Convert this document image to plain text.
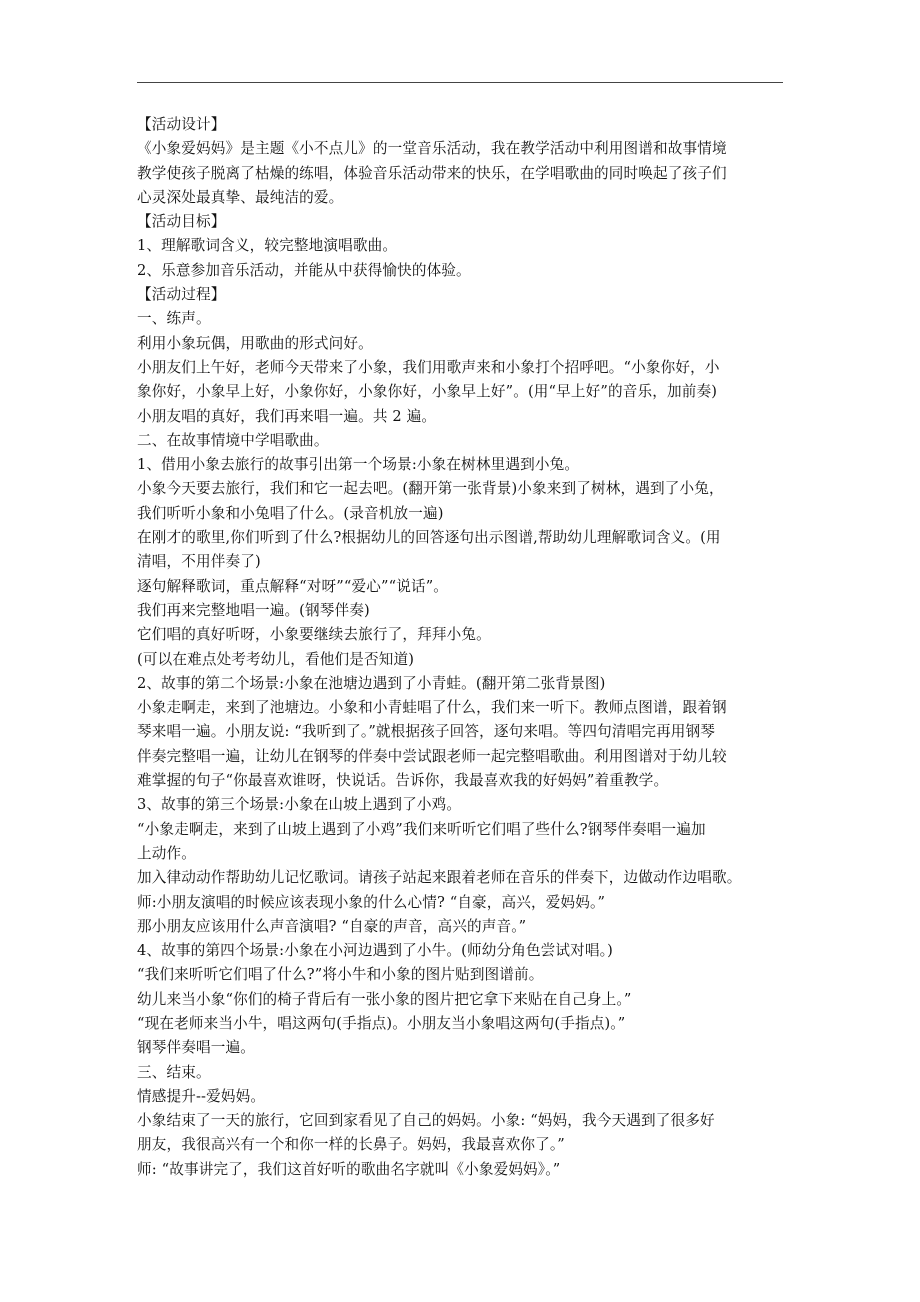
【活动设计】
《小象爱妈妈》是主题《小不点儿》的一堂音乐活动，我在教学活动中利用图谱和故事情境
教学使孩子脱离了枯燥的练唱，体验音乐活动带来的快乐，在学唱歌曲的同时唤起了孩子们
心灵深处最真挚、最纯洁的爱。
【活动目标】
1、理解歌词含义，较完整地演唱歌曲。
2、乐意参加音乐活动，并能从中获得愉快的体验。
【活动过程】
一、练声。
利用小象玩偶，用歌曲的形式问好。
小朋友们上午好，老师今天带来了小象，我们用歌声来和小象打个招呼吧。“小象你好，小
象你好，小象早上好，小象你好，小象你好，小象早上好”。(用“早上好”的音乐，加前奏)
小朋友唱的真好，我们再来唱一遍。共 2 遍。
二、在故事情境中学唱歌曲。
1、借用小象去旅行的故事引出第一个场景:小象在树林里遇到小兔。
小象今天要去旅行，我们和它一起去吧。(翻开第一张背景)小象来到了树林，遇到了小兔，
我们听听小象和小兔唱了什么。(录音机放一遍)
在刚才的歌里,你们听到了什么?根据幼儿的回答逐句出示图谱,帮助幼儿理解歌词含义。(用
清唱，不用伴奏了)
逐句解释歌词，重点解释“对呀”“爱心”“说话”。
我们再来完整地唱一遍。(钢琴伴奏)
它们唱的真好听呀，小象要继续去旅行了，拜拜小兔。
(可以在难点处考考幼儿，看他们是否知道)
2、故事的第二个场景:小象在池塘边遇到了小青蛙。(翻开第二张背景图)
小象走啊走，来到了池塘边。小象和小青蛙唱了什么，我们来一听下。教师点图谱，跟着钢
琴来唱一遍。小朋友说: “我听到了。”就根据孩子回答，逐句来唱。等四句清唱完再用钢琴
伴奏完整唱一遍，让幼儿在钢琴的伴奏中尝试跟老师一起完整唱歌曲。利用图谱对于幼儿较
难掌握的句子“你最喜欢谁呀，快说话。告诉你，我最喜欢我的好妈妈”着重教学。
3、故事的第三个场景:小象在山坡上遇到了小鸡。
“小象走啊走，来到了山坡上遇到了小鸡”我们来听听它们唱了些什么?钢琴伴奏唱一遍加
上动作。
加入律动动作帮助幼儿记忆歌词。请孩子站起来跟着老师在音乐的伴奏下，边做动作边唱歌。
师:小朋友演唱的时候应该表现小象的什么心情? “自豪，高兴，爱妈妈。”
那小朋友应该用什么声音演唱? “自豪的声音，高兴的声音。”
4、故事的第四个场景:小象在小河边遇到了小牛。(师幼分角色尝试对唱。)
“我们来听听它们唱了什么?”将小牛和小象的图片贴到图谱前。
幼儿来当小象“你们的椅子背后有一张小象的图片把它拿下来贴在自己身上。”
“现在老师来当小牛，唱这两句(手指点)。小朋友当小象唱这两句(手指点)。”
钢琴伴奏唱一遍。
三、结束。
情感提升--爱妈妈。
小象结束了一天的旅行，它回到家看见了自己的妈妈。小象: “妈妈，我今天遇到了很多好
朋友，我很高兴有一个和你一样的长鼻子。妈妈，我最喜欢你了。”
师: “故事讲完了，我们这首好听的歌曲名字就叫《小象爱妈妈》。”
